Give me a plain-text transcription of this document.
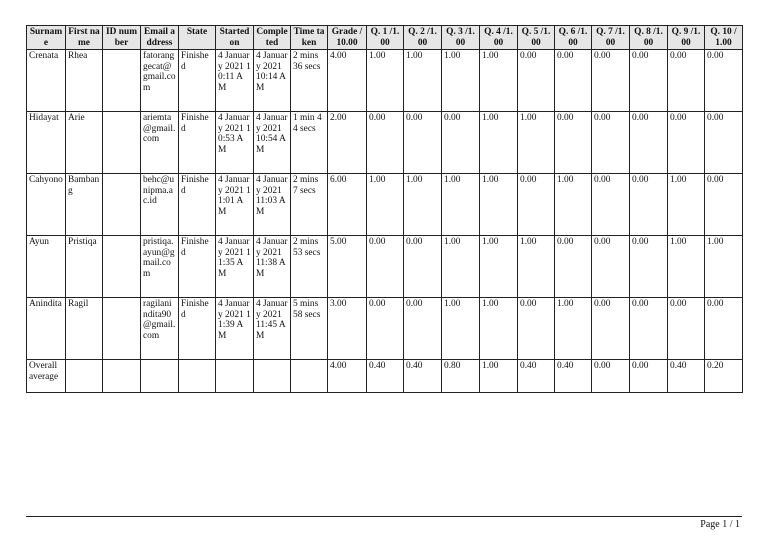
Surname	First name	ID number	Email address	State	Started on	Completed	Time taken	Grade /10.00	Q. 1 /1.00	Q. 2 /1.00	Q. 3 /1.00	Q. 4 /1.00	Q. 5 /1.00	Q. 6 /1.00	Q. 7 /1.00	Q. 8 /1.00	Q. 9 /1.00	Q. 10 /1.00
Crenata	Rhea		fatoranggecat@gmail.com	Finished	4 January 2021 10:11 AM	4 January 2021 10:14 AM	2 mins 36 secs	4.00	1.00	1.00	1.00	1.00	0.00	0.00	0.00	0.00	0.00	0.00
Hidayat	Arie		ariemta@gmail.com	Finished	4 January 2021 10:53 AM	4 January 2021 10:54 AM	1 min 44 secs	2.00	0.00	0.00	0.00	1.00	1.00	0.00	0.00	0.00	0.00	0.00
Cahyono	Bambang		behc@unipma.ac.id	Finished	4 January 2021 11:01 AM	4 January 2021 11:03 AM	2 mins 7 secs	6.00	1.00	1.00	1.00	1.00	0.00	1.00	0.00	0.00	1.00	0.00
Ayun	Pristiqa		pristiqa.ayun@gmail.com	Finished	4 January 2021 11:35 AM	4 January 2021 11:38 AM	2 mins 53 secs	5.00	0.00	0.00	1.00	1.00	1.00	0.00	0.00	0.00	1.00	1.00
Anindita	Ragil		ragilanindita90@gmail.com	Finished	4 January 2021 11:39 AM	4 January 2021 11:45 AM	5 mins 58 secs	3.00	0.00	0.00	1.00	1.00	0.00	1.00	0.00	0.00	0.00	0.00
Overall average								4.00	0.40	0.40	0.80	1.00	0.40	0.40	0.00	0.00	0.40	0.20
Page 1 / 1
